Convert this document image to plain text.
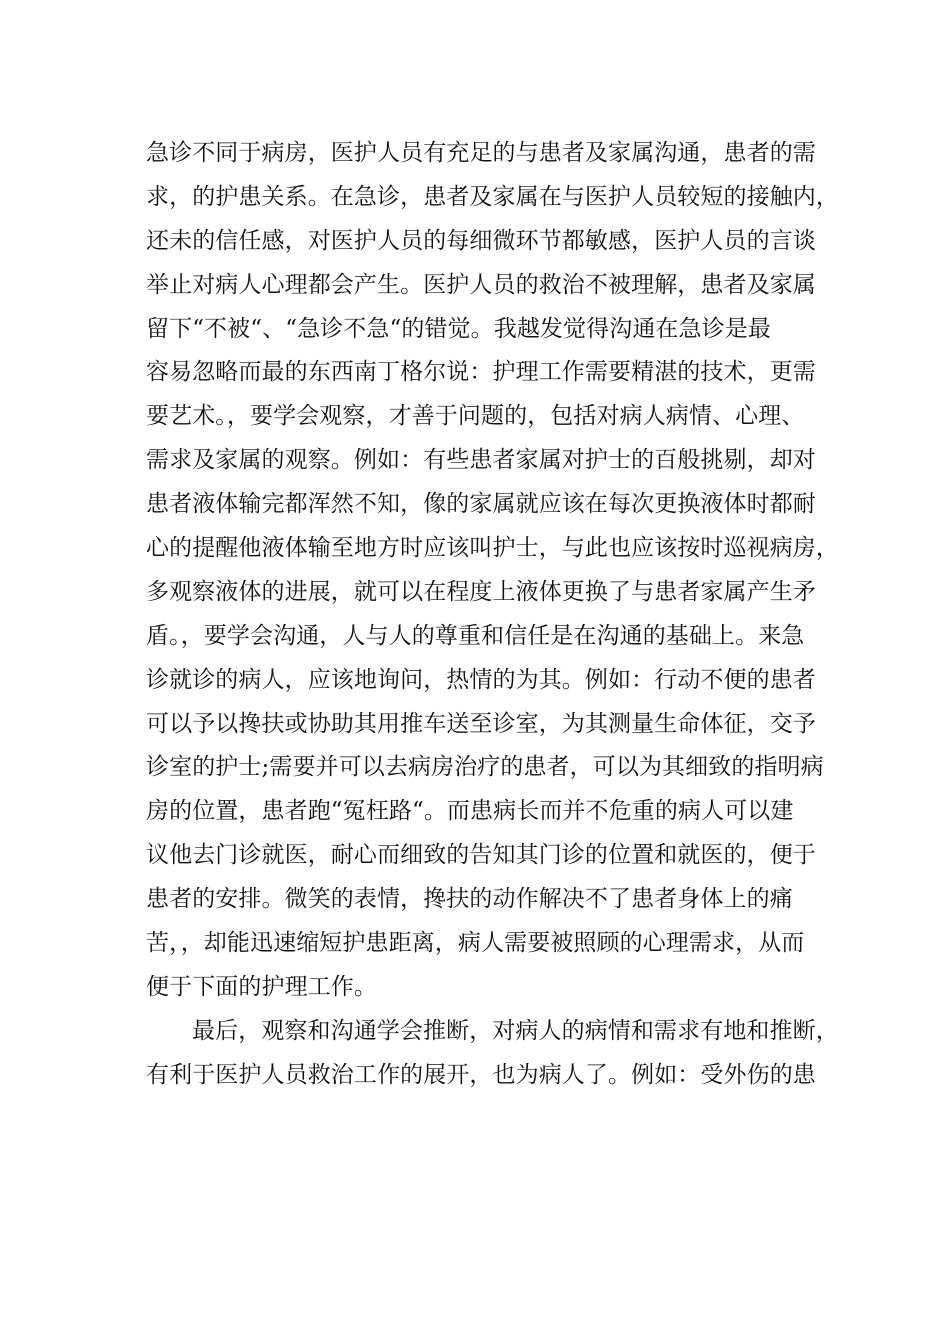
急诊不同于病房，医护人员有充足的与患者及家属沟通，患者的需
求，的护患关系。在急诊，患者及家属在与医护人员较短的接触内，
还未的信任感，对医护人员的每细微环节都敏感，医护人员的言谈
举止对病人心理都会产生。医护人员的救治不被理解，患者及家属
留下“不被“、“急诊不急“的错觉。我越发觉得沟通在急诊是最
容易忽略而最的东西南丁格尔说：护理工作需要精湛的技术，更需
要艺术。，要学会观察，才善于问题的，包括对病人病情、心理、
需求及家属的观察。例如：有些患者家属对护士的百般挑剔，却对
患者液体输完都浑然不知，像的家属就应该在每次更换液体时都耐
心的提醒他液体输至地方时应该叫护士，与此也应该按时巡视病房，
多观察液体的进展，就可以在程度上液体更换了与患者家属产生矛
盾。，要学会沟通，人与人的尊重和信任是在沟通的基础上。来急
诊就诊的病人，应该地询问，热情的为其。例如：行动不便的患者
可以予以搀扶或协助其用推车送至诊室，为其测量生命体征，交予
诊室的护士;需要并可以去病房治疗的患者，可以为其细致的指明病
房的位置，患者跑“冤枉路“。而患病长而并不危重的病人可以建
议他去门诊就医，耐心而细致的告知其门诊的位置和就医的，便于
患者的安排。微笑的表情，搀扶的动作解决不了患者身体上的痛
苦，，却能迅速缩短护患距离，病人需要被照顾的心理需求，从而
便于下面的护理工作。
最后，观察和沟通学会推断，对病人的病情和需求有地和推断，
有利于医护人员救治工作的展开，也为病人了。例如：受外伤的患
